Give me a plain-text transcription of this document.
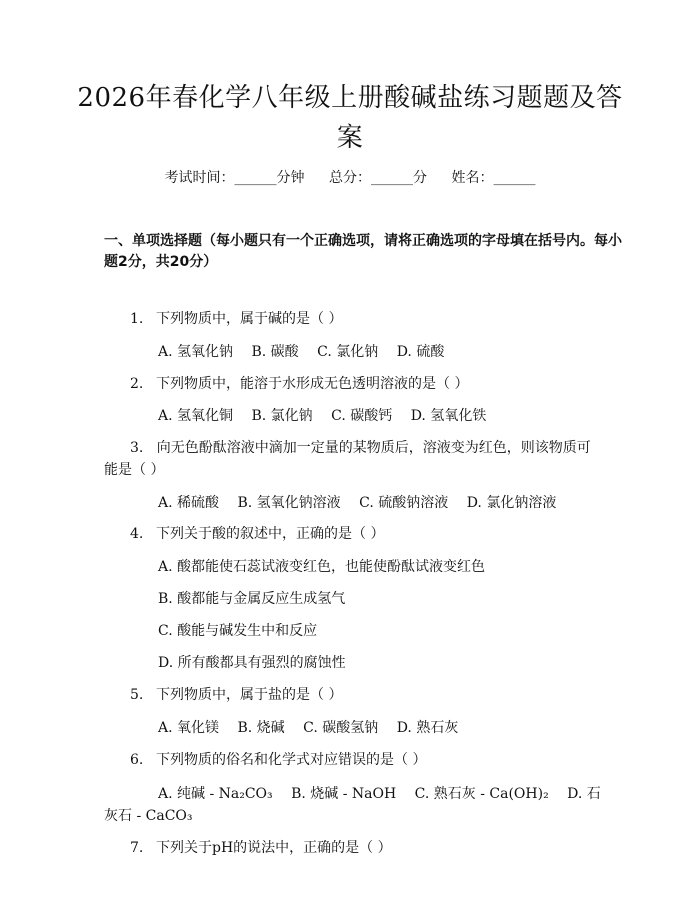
2026年春化学八年级上册酸碱盐练习题题及答案
考试时间：______分钟 总分：______分 姓名：______
一、单项选择题（每小题只有一个正确选项，请将正确选项的字母填在括号内。每小题2分，共20分）
1. 下列物质中，属于碱的是（ ）
A. 氢氧化钠 B. 碳酸 C. 氯化钠 D. 硫酸
2. 下列物质中，能溶于水形成无色透明溶液的是（ ）
A. 氢氧化铜 B. 氯化钠 C. 碳酸钙 D. 氢氧化铁
3. 向无色酚酞溶液中滴加一定量的某物质后，溶液变为红色，则该物质可能是（ ）
A. 稀硫酸 B. 氢氧化钠溶液 C. 硫酸钠溶液 D. 氯化钠溶液
4. 下列关于酸的叙述中，正确的是（ ）
A. 酸都能使石蕊试液变红色，也能使酚酞试液变红色
B. 酸都能与金属反应生成氢气
C. 酸能与碱发生中和反应
D. 所有酸都具有强烈的腐蚀性
5. 下列物质中，属于盐的是（ ）
A. 氧化镁 B. 烧碱 C. 碳酸氢钠 D. 熟石灰
6. 下列物质的俗名和化学式对应错误的是（ ）
A. 纯碱 - Na₂CO₃ B. 烧碱 - NaOH C. 熟石灰 - Ca(OH)₂ D. 石灰石 - CaCO₃
7. 下列关于pH的说法中，正确的是（ ）
